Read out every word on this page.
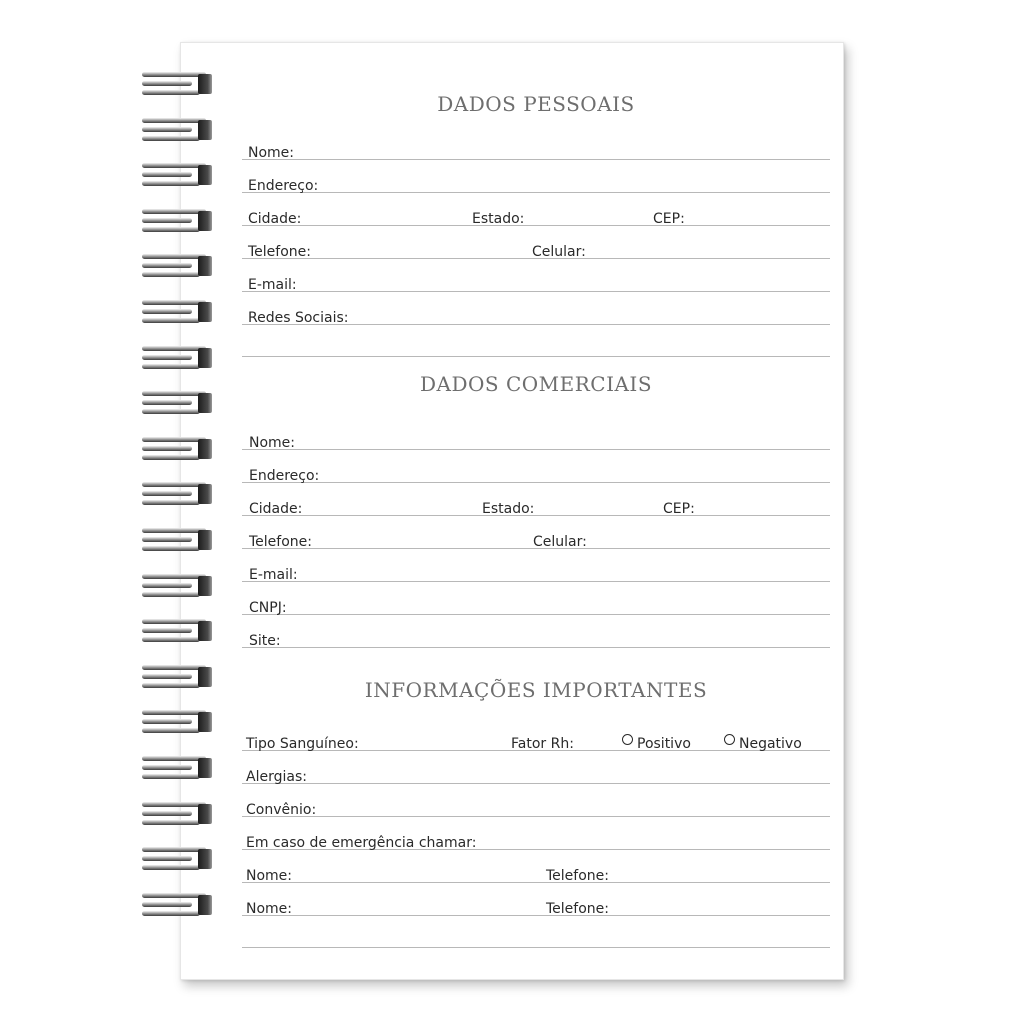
DADOS PESSOAIS
Nome:
Endereço:
Cidade:	Estado:	CEP:
Telefone:	Celular:
E-mail:
Redes Sociais:
DADOS COMERCIAIS
Nome:
Endereço:
Cidade:	Estado:	CEP:
Telefone:	Celular:
E-mail:
CNPJ:
Site:
INFORMAÇÕES IMPORTANTES
Tipo Sanguíneo:	Fator Rh:	Positivo	Negativo
Alergias:
Convênio:
Em caso de emergência chamar:
Nome:	Telefone:
Nome:	Telefone:
